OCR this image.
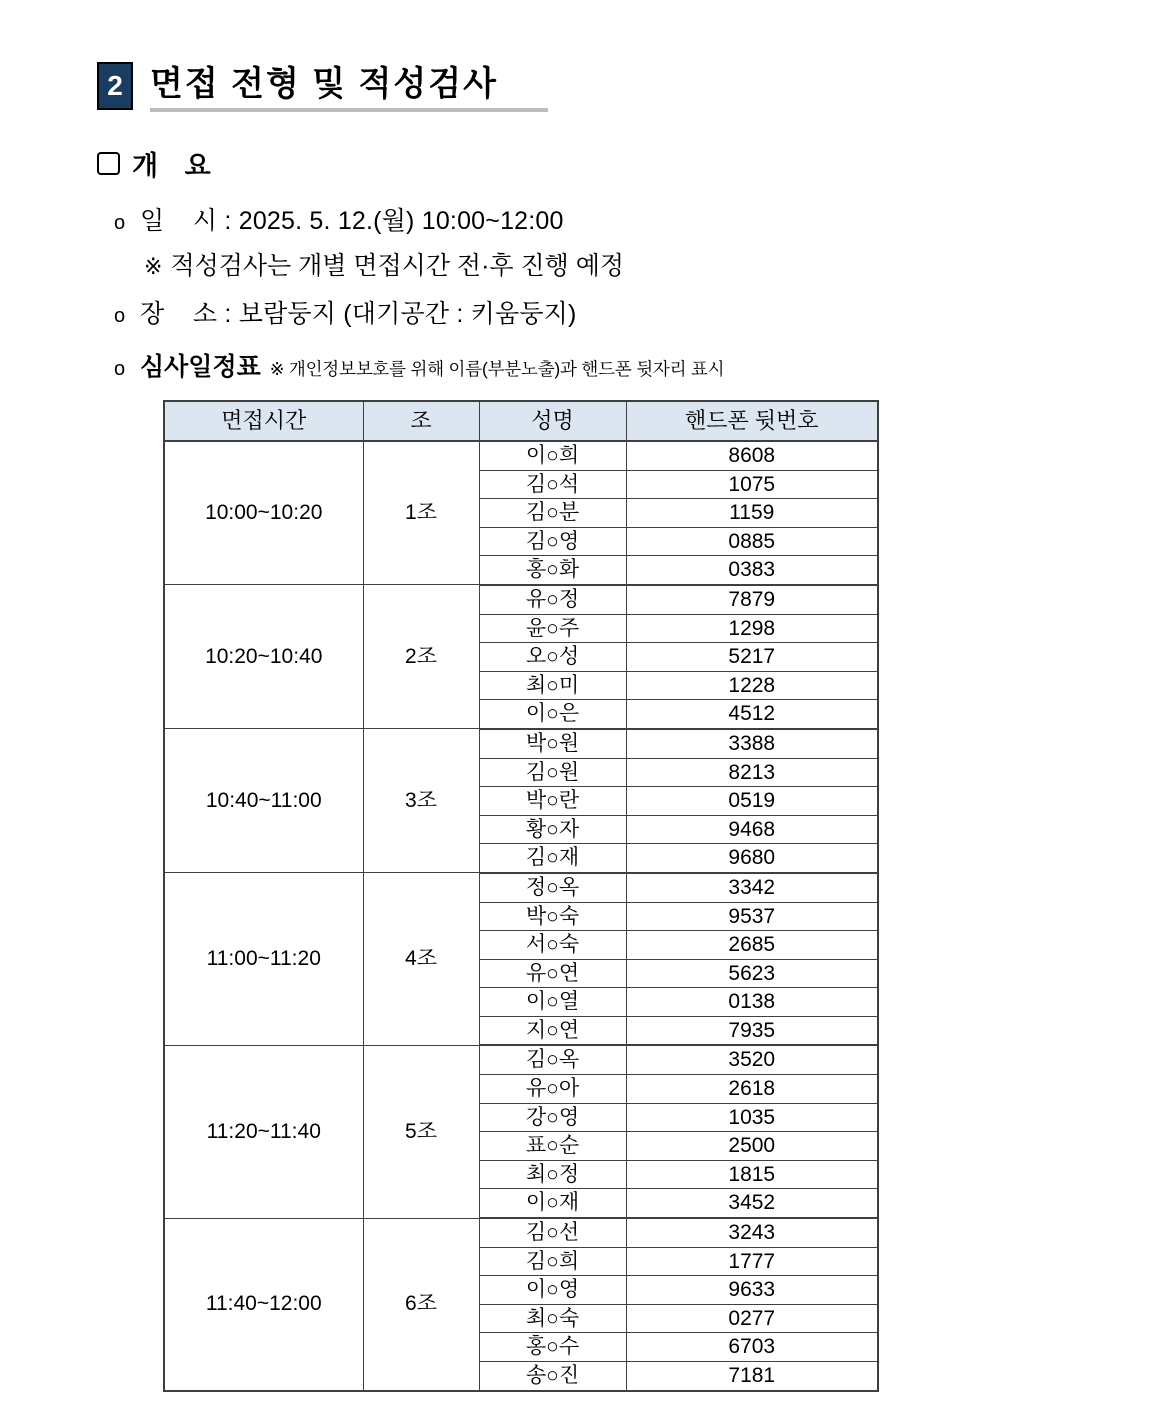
2 면접 전형 및 적성검사
개   요
o 일    시 : 2025. 5. 12.(월) 10:00~12:00
※ 적성검사는 개별 면접시간 전·후 진행 예정
o 장    소 : 보람둥지 (대기공간 : 키움둥지)
o 심사일정표 ※ 개인정보보호를 위해 이름(부분노출)과 핸드폰 뒷자리 표시
면접시간	조	성명	핸드폰 뒷번호
10:00~10:20	1조	이○희	8608
		김○석	1075
		김○분	1159
		김○영	0885
		홍○화	0383
10:20~10:40	2조	유○정	7879
		윤○주	1298
		오○성	5217
		최○미	1228
		이○은	4512
10:40~11:00	3조	박○원	3388
		김○원	8213
		박○란	0519
		황○자	9468
		김○재	9680
11:00~11:20	4조	정○옥	3342
		박○숙	9537
		서○숙	2685
		유○연	5623
		이○열	0138
		지○연	7935
11:20~11:40	5조	김○옥	3520
		유○아	2618
		강○영	1035
		표○순	2500
		최○정	1815
		이○재	3452
11:40~12:00	6조	김○선	3243
		김○희	1777
		이○영	9633
		최○숙	0277
		홍○수	6703
		송○진	7181
